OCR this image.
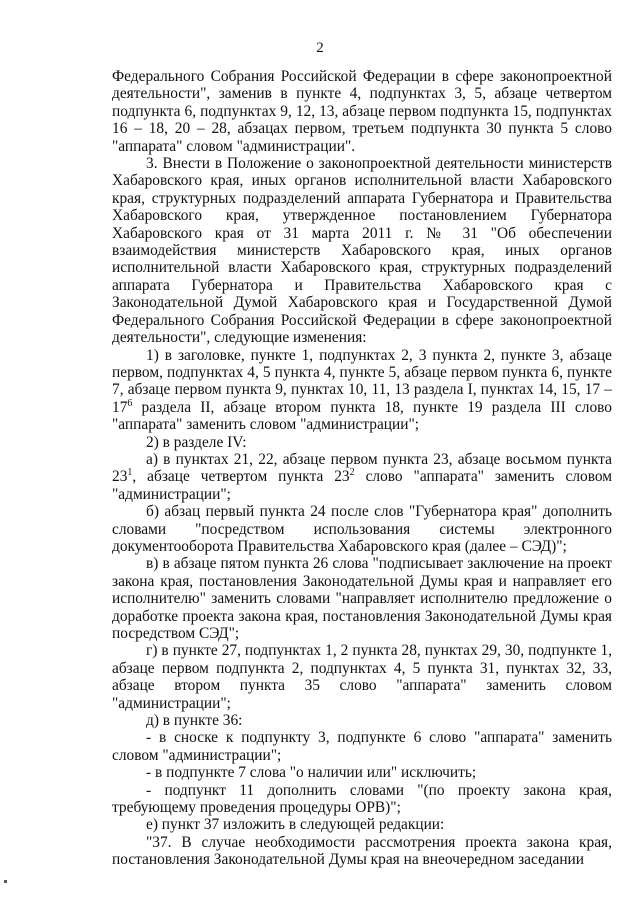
2

Федерального Собрания Российской Федерации в сфере законопроектной деятельности", заменив в пункте 4, подпунктах 3, 5, абзаце четвертом подпункта 6, подпунктах 9, 12, 13, абзаце первом подпункта 15, подпунктах 16 – 18, 20 – 28, абзацах первом, третьем подпункта 30 пункта 5 слово "аппарата" словом "администрации".

3. Внести в Положение о законопроектной деятельности министерств Хабаровского края, иных органов исполнительной власти Хабаровского края, структурных подразделений аппарата Губернатора и Правительства Хабаровского края, утвержденное постановлением Губернатора Хабаровского края от 31 марта 2011 г. № 31 "Об обеспечении взаимодействия министерств Хабаровского края, иных органов исполнительной власти Хабаровского края, структурных подразделений аппарата Губернатора и Правительства Хабаровского края с Законодательной Думой Хабаровского края и Государственной Думой Федерального Собрания Российской Федерации в сфере законопроектной деятельности", следующие изменения:

1) в заголовке, пункте 1, подпунктах 2, 3 пункта 2, пункте 3, абзаце первом, подпунктах 4, 5 пункта 4, пункте 5, абзаце первом пункта 6, пункте 7, абзаце первом пункта 9, пунктах 10, 11, 13 раздела I, пунктах 14, 15, $17 - 17^6$ раздела II, абзаце втором пункта 18, пункте 19 раздела III слово "аппарата" заменить словом "администрации";

2) в разделе IV:

а) в пунктах 21, 22, абзаце первом пункта 23, абзаце восьмом пункта $23^1$, абзаце четвертом пункта $23^2$ слово "аппарата" заменить словом "администрации";

б) абзац первый пункта 24 после слов "Губернатора края" дополнить словами "посредством использования системы электронного документооборота Правительства Хабаровского края (далее – СЭД)";

в) в абзаце пятом пункта 26 слова "подписывает заключение на проект закона края, постановления Законодательной Думы края и направляет его исполнителю" заменить словами "направляет исполнителю предложение о доработке проекта закона края, постановления Законодательной Думы края посредством СЭД";

г) в пункте 27, подпунктах 1, 2 пункта 28, пунктах 29, 30, подпункте 1, абзаце первом подпункта 2, подпунктах 4, 5 пункта 31, пунктах 32, 33, абзаце втором пункта 35 слово "аппарата" заменить словом "администрации";

д) в пункте 36:

- в сноске к подпункту 3, подпункте 6 слово "аппарата" заменить словом "администрации";

- в подпункте 7 слова "о наличии или" исключить;

- подпункт 11 дополнить словами "(по проекту закона края, требующему проведения процедуры ОРВ)";

е) пункт 37 изложить в следующей редакции:

"37. В случае необходимости рассмотрения проекта закона края, постановления Законодательной Думы края на внеочередном заседании
